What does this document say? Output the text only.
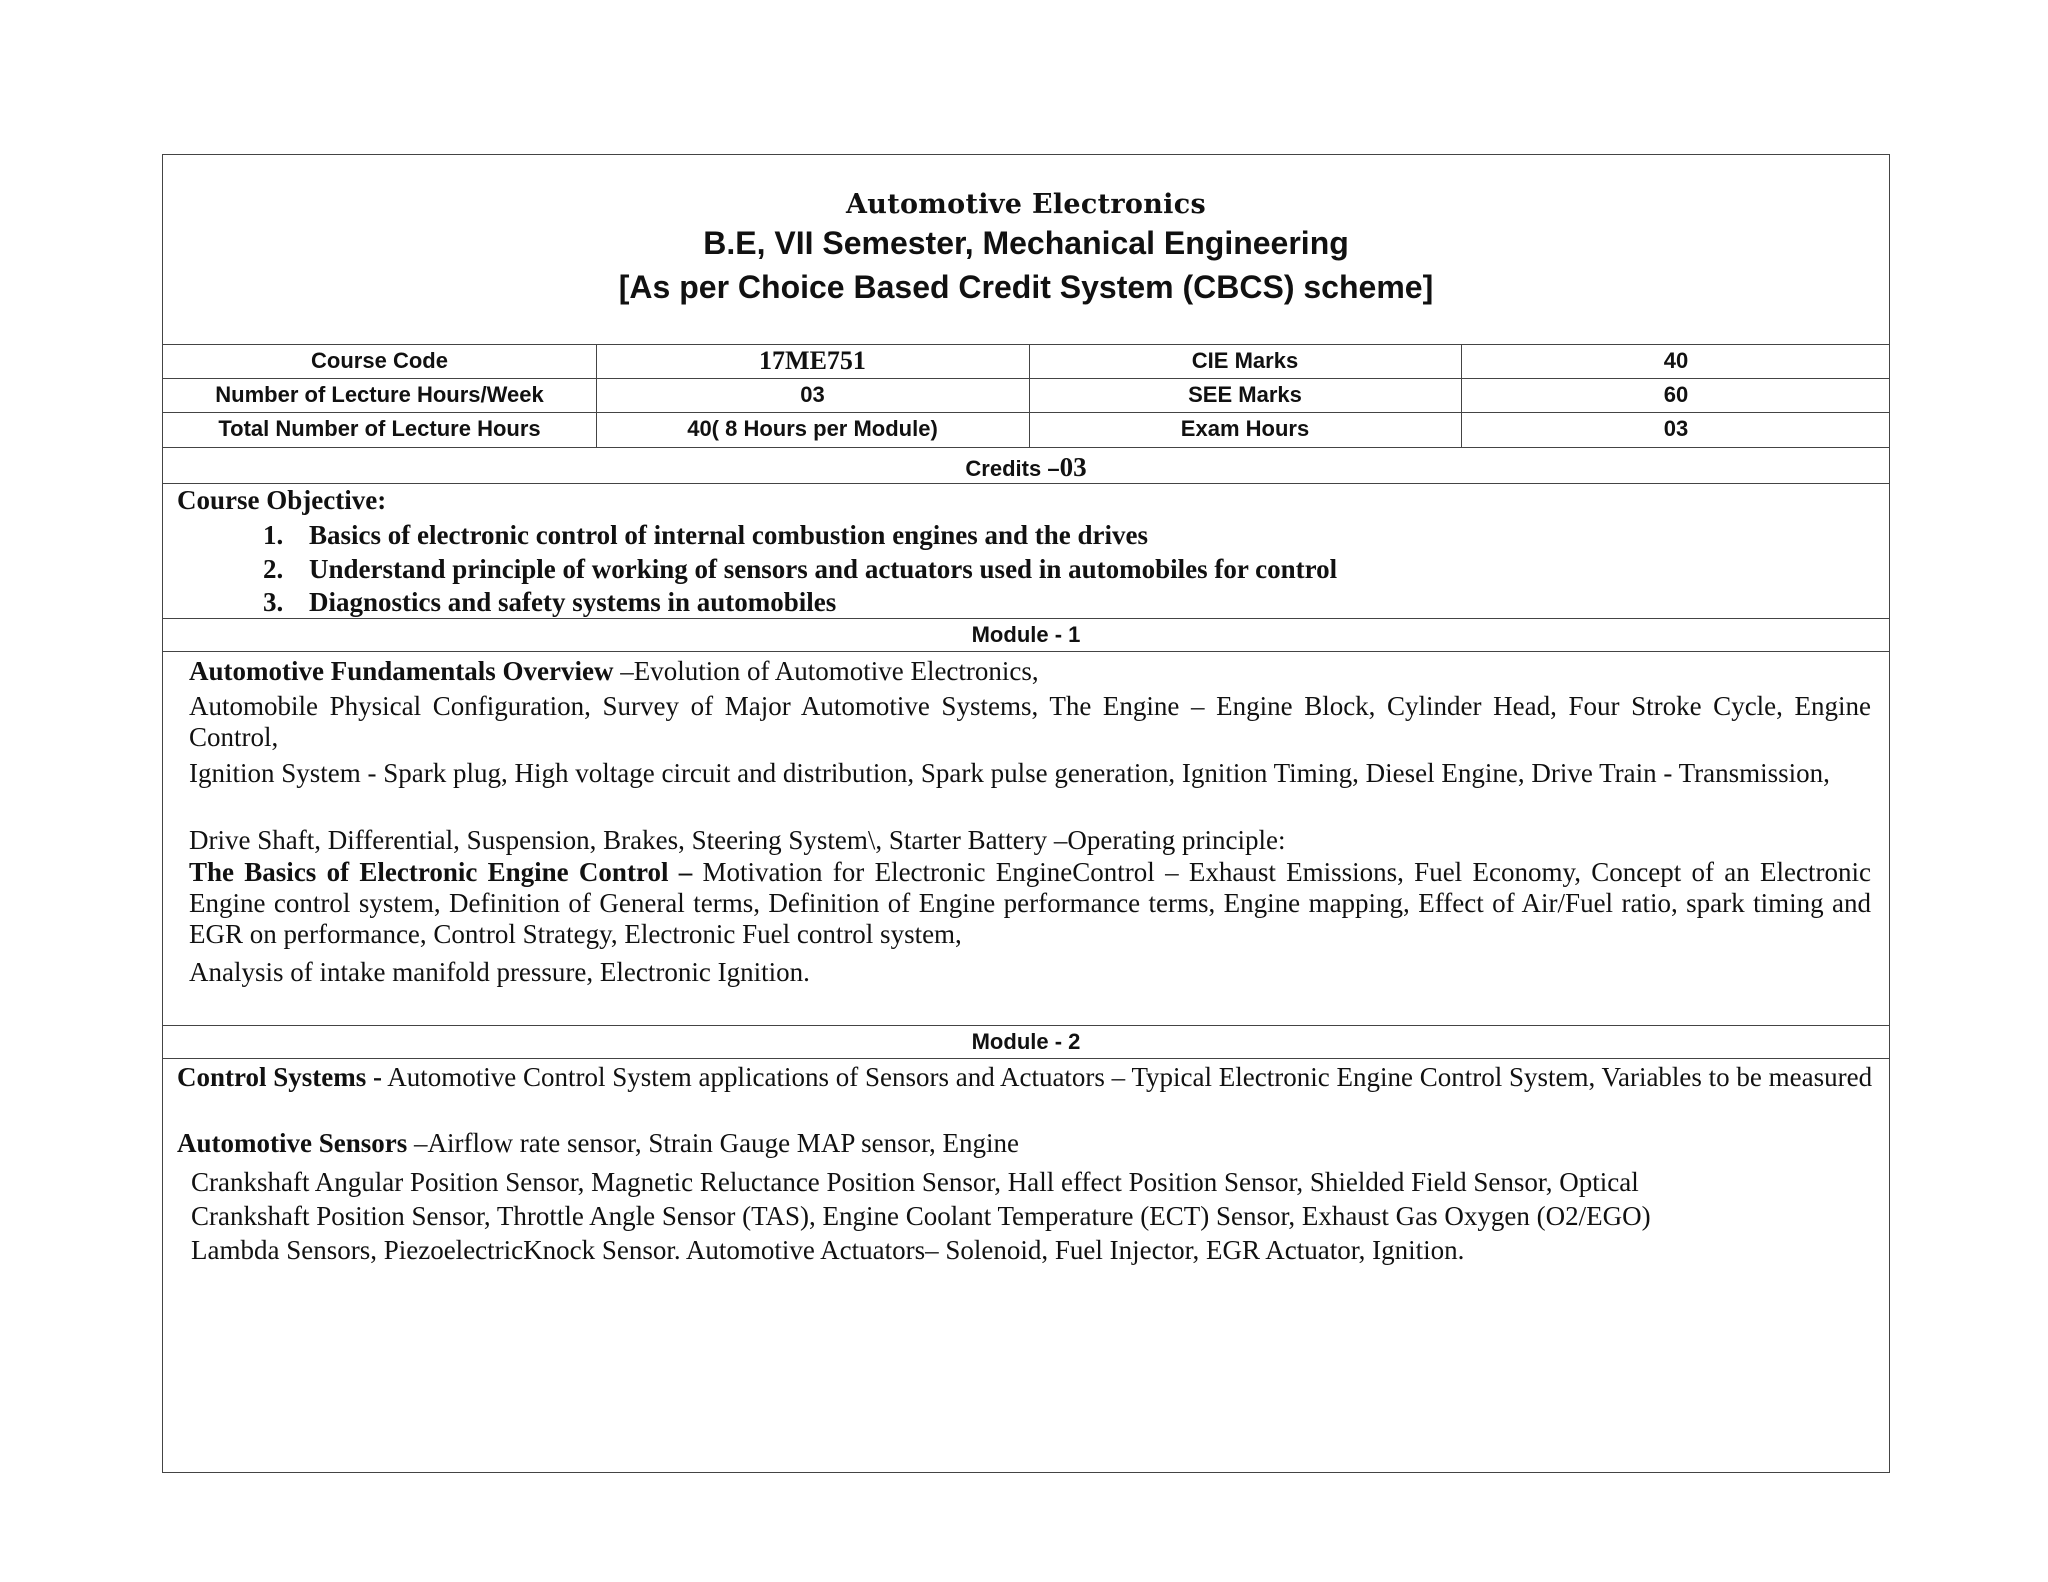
Automotive Electronics
B.E, VII Semester, Mechanical Engineering
[As per Choice Based Credit System (CBCS) scheme]
Course Code	17ME751	CIE Marks	40
Number of Lecture Hours/Week	03	SEE Marks	60
Total Number of Lecture Hours	40( 8 Hours per Module)	Exam Hours	03
Credits –03
Course Objective:
1. Basics of electronic control of internal combustion engines and the drives
2. Understand principle of working of sensors and actuators used in automobiles for control
3. Diagnostics and safety systems in automobiles
Module - 1
Automotive Fundamentals Overview –Evolution of Automotive Electronics,
Automobile Physical Configuration, Survey of Major Automotive Systems, The Engine – Engine Block, Cylinder Head, Four Stroke Cycle, Engine Control,
Ignition System - Spark plug, High voltage circuit and distribution, Spark pulse generation, Ignition Timing, Diesel Engine, Drive Train - Transmission,
Drive Shaft, Differential, Suspension, Brakes, Steering System\, Starter Battery –Operating principle:
The Basics of Electronic Engine Control – Motivation for Electronic EngineControl – Exhaust Emissions, Fuel Economy, Concept of an Electronic Engine control system, Definition of General terms, Definition of Engine performance terms, Engine mapping, Effect of Air/Fuel ratio, spark timing and EGR on performance, Control Strategy, Electronic Fuel control system,
Analysis of intake manifold pressure, Electronic Ignition.
Module - 2
Control Systems - Automotive Control System applications of Sensors and Actuators – Typical Electronic Engine Control System, Variables to be measured
Automotive Sensors –Airflow rate sensor, Strain Gauge MAP sensor, Engine
Crankshaft Angular Position Sensor, Magnetic Reluctance Position Sensor, Hall effect Position Sensor, Shielded Field Sensor, Optical
Crankshaft Position Sensor, Throttle Angle Sensor (TAS), Engine Coolant Temperature (ECT) Sensor, Exhaust Gas Oxygen (O2/EGO)
Lambda Sensors, PiezoelectricKnock Sensor. Automotive Actuators– Solenoid, Fuel Injector, EGR Actuator, Ignition.
